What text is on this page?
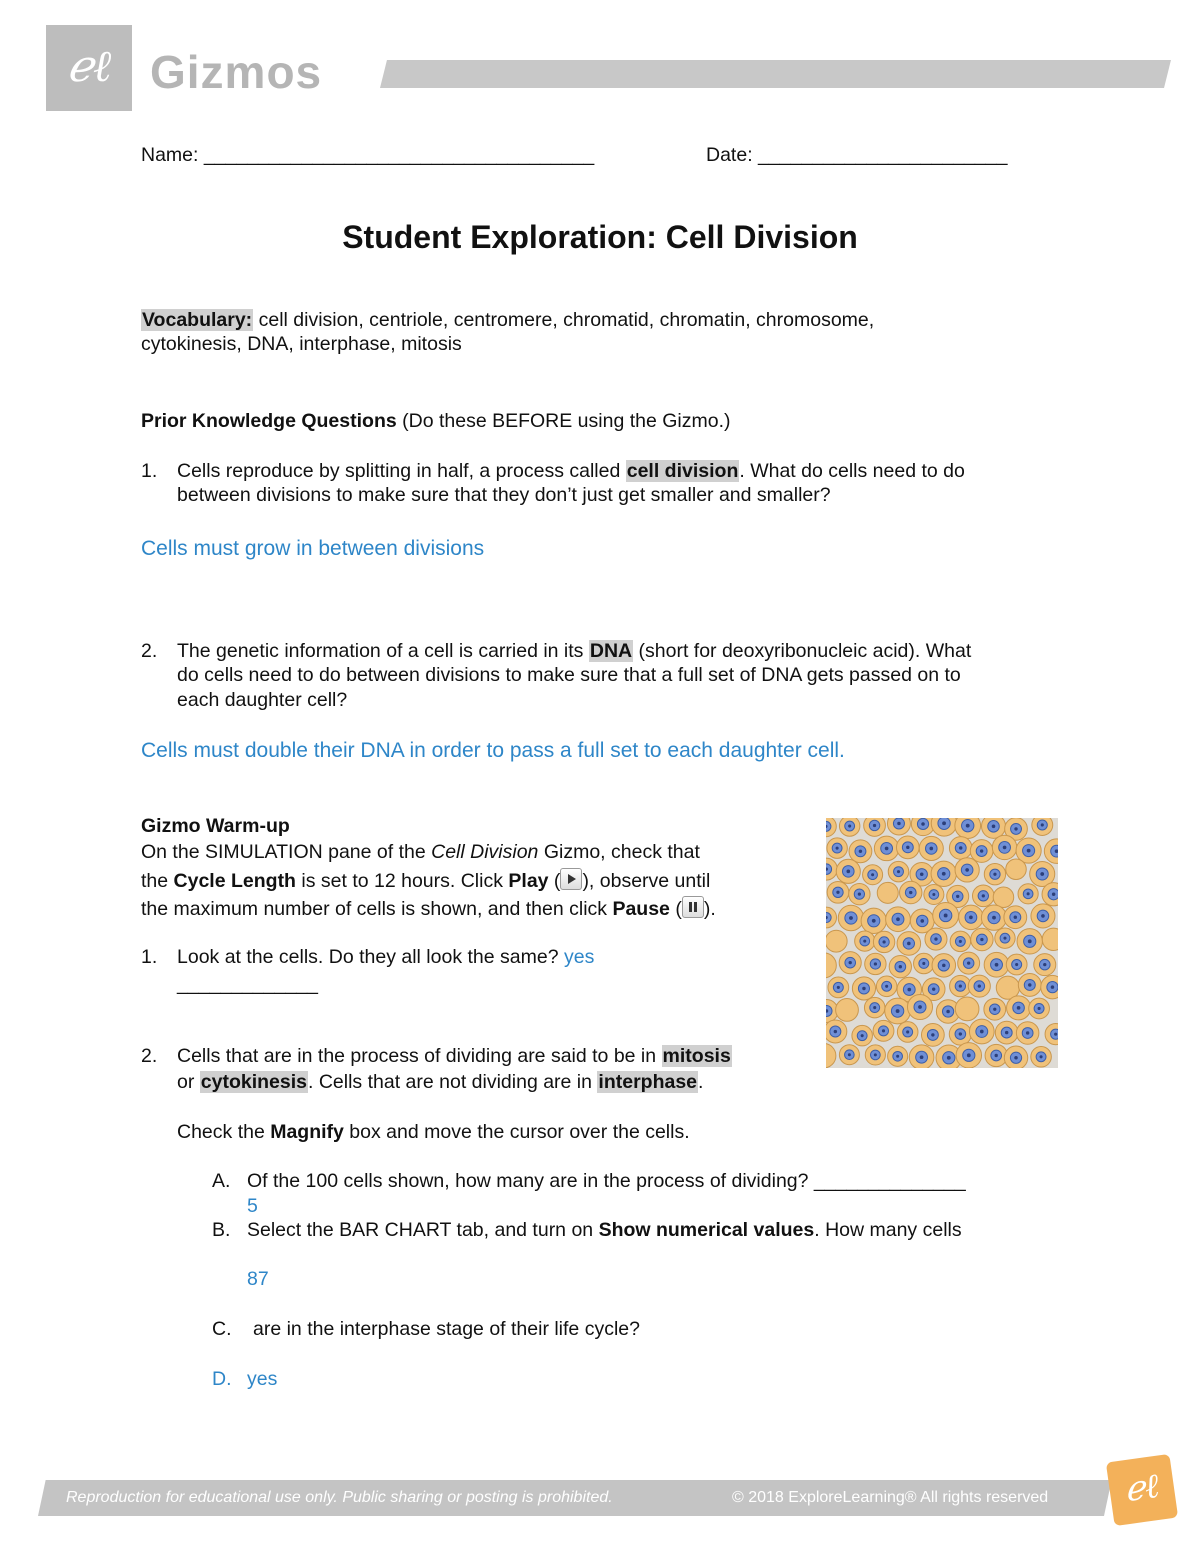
ℯℓ Gizmos
Name: ____________________________________	Date: _______________________
Student Exploration: Cell Division
Vocabulary: cell division, centriole, centromere, chromatid, chromatin, chromosome,
cytokinesis, DNA, interphase, mitosis
Prior Knowledge Questions (Do these BEFORE using the Gizmo.)
1. Cells reproduce by splitting in half, a process called cell division. What do cells need to do
between divisions to make sure that they don’t just get smaller and smaller?
Cells must grow in between divisions
2. The genetic information of a cell is carried in its DNA (short for deoxyribonucleic acid). What
do cells need to do between divisions to make sure that a full set of DNA gets passed on to
each daughter cell?
Cells must double their DNA in order to pass a full set to each daughter cell.
Gizmo Warm-up
On the SIMULATION pane of the Cell Division Gizmo, check that
the Cycle Length is set to 12 hours. Click Play ( ), observe until
the maximum number of cells is shown, and then click Pause ( ).
1. Look at the cells. Do they all look the same? yes
_____________
2. Cells that are in the process of dividing are said to be in mitosis
or cytokinesis. Cells that are not dividing are in interphase.
Check the Magnify box and move the cursor over the cells.
A. Of the 100 cells shown, how many are in the process of dividing? ______________
5
B. Select the BAR CHART tab, and turn on Show numerical values. How many cells
87
C. are in the interphase stage of their life cycle?
D. yes
Reproduction for educational use only. Public sharing or posting is prohibited.	© 2018 ExploreLearning® All rights reserved	ℯℓ
